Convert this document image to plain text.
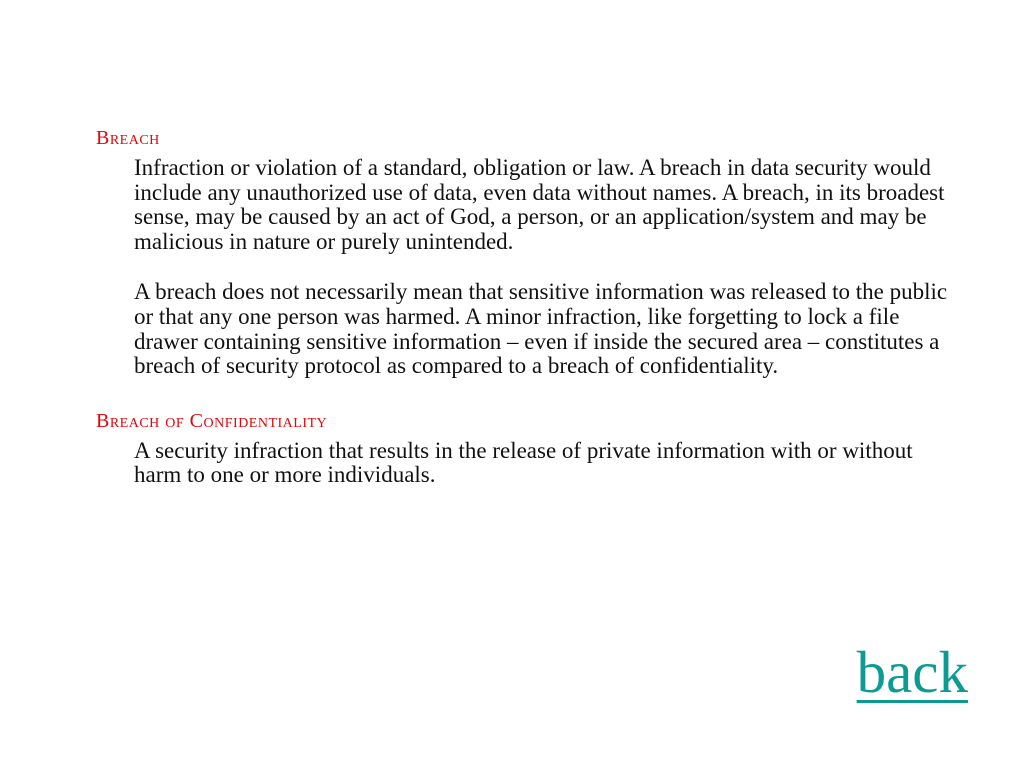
Breach

Infraction or violation of a standard, obligation or law. A breach in data security would include any unauthorized use of data, even data without names. A breach, in its broadest sense, may be caused by an act of God, a person, or an application/system and may be malicious in nature or purely unintended.

A breach does not necessarily mean that sensitive information was released to the public or that any one person was harmed. A minor infraction, like forgetting to lock a file drawer containing sensitive information – even if inside the secured area – constitutes a breach of security protocol as compared to a breach of confidentiality.

Breach of Confidentiality

A security infraction that results in the release of private information with or without harm to one or more individuals.

back
